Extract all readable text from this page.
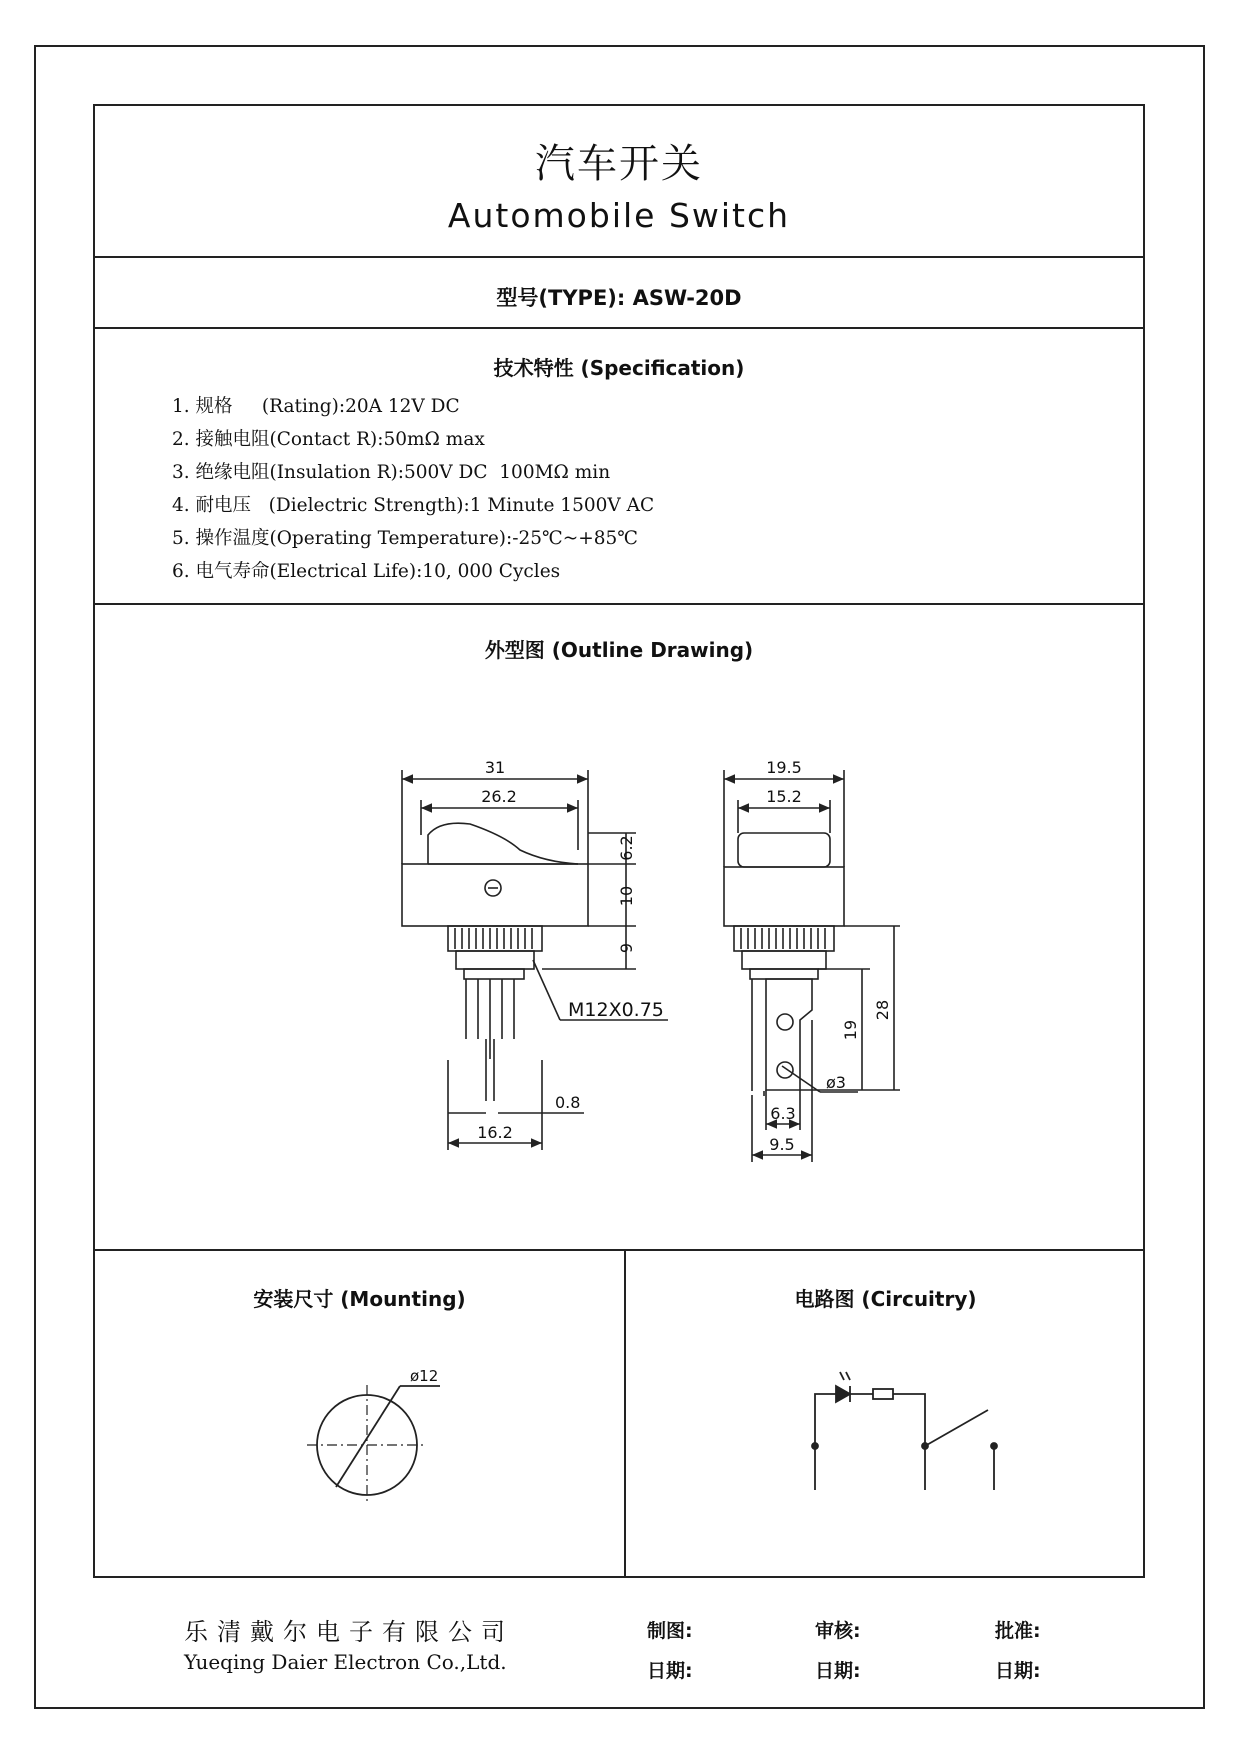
汽车开关
Automobile Switch
型号(TYPE): ASW-20D
技术特性 (Specification)
1. 规格     (Rating):20A 12V DC
2. 接触电阻(Contact R):50mΩ max
3. 绝缘电阻(Insulation R):500V DC  100MΩ min
4. 耐电压   (Dielectric Strength):1 Minute 1500V AC
5. 操作温度(Operating Temperature):-25℃~+85℃
6. 电气寿命(Electrical Life):10, 000 Cycles
外型图 (Outline Drawing)
31
26.2
6.2
10
9
M12X0.75
0.8
16.2
19.5
15.2
19
28
ø3
6.3
9.5
ø12
安装尺寸 (Mounting)	电路图 (Circuitry)
乐清戴尔电子有限公司
Yueqing Daier Electron Co.,Ltd.
制图:	审核:	批准:
日期:	日期:	日期:
